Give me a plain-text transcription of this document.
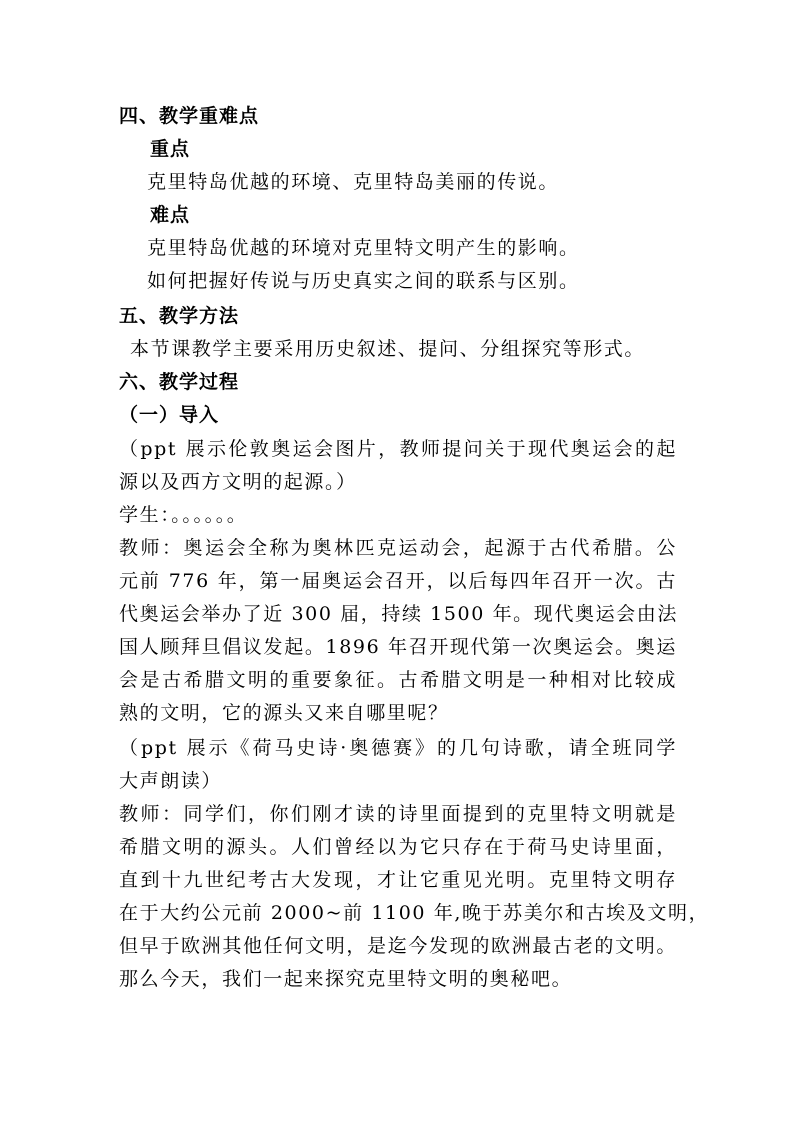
四、教学重难点
重点
克里特岛优越的环境、克里特岛美丽的传说。
难点
克里特岛优越的环境对克里特文明产生的影响。
如何把握好传说与历史真实之间的联系与区别。
五、教学方法
本节课教学主要采用历史叙述、提问、分组探究等形式。
六、教学过程
（一）导入
（ppt 展示伦敦奥运会图片，教师提问关于现代奥运会的起
源以及西方文明的起源。）
学生：。。。。。。
教师：奥运会全称为奥林匹克运动会，起源于古代希腊。公
元前 776 年，第一届奥运会召开，以后每四年召开一次。古
代奥运会举办了近 300 届，持续 1500 年。现代奥运会由法
国人顾拜旦倡议发起。1896 年召开现代第一次奥运会。奥运
会是古希腊文明的重要象征。古希腊文明是一种相对比较成
熟的文明，它的源头又来自哪里呢？
（ppt 展示《荷马史诗·奥德赛》的几句诗歌，请全班同学
大声朗读）
教师：同学们，你们刚才读的诗里面提到的克里特文明就是
希腊文明的源头。人们曾经以为它只存在于荷马史诗里面，
直到十九世纪考古大发现，才让它重见光明。克里特文明存
在于大约公元前 2000~前 1100 年,晚于苏美尔和古埃及文明，
但早于欧洲其他任何文明，是迄今发现的欧洲最古老的文明。
那么今天，我们一起来探究克里特文明的奥秘吧。
